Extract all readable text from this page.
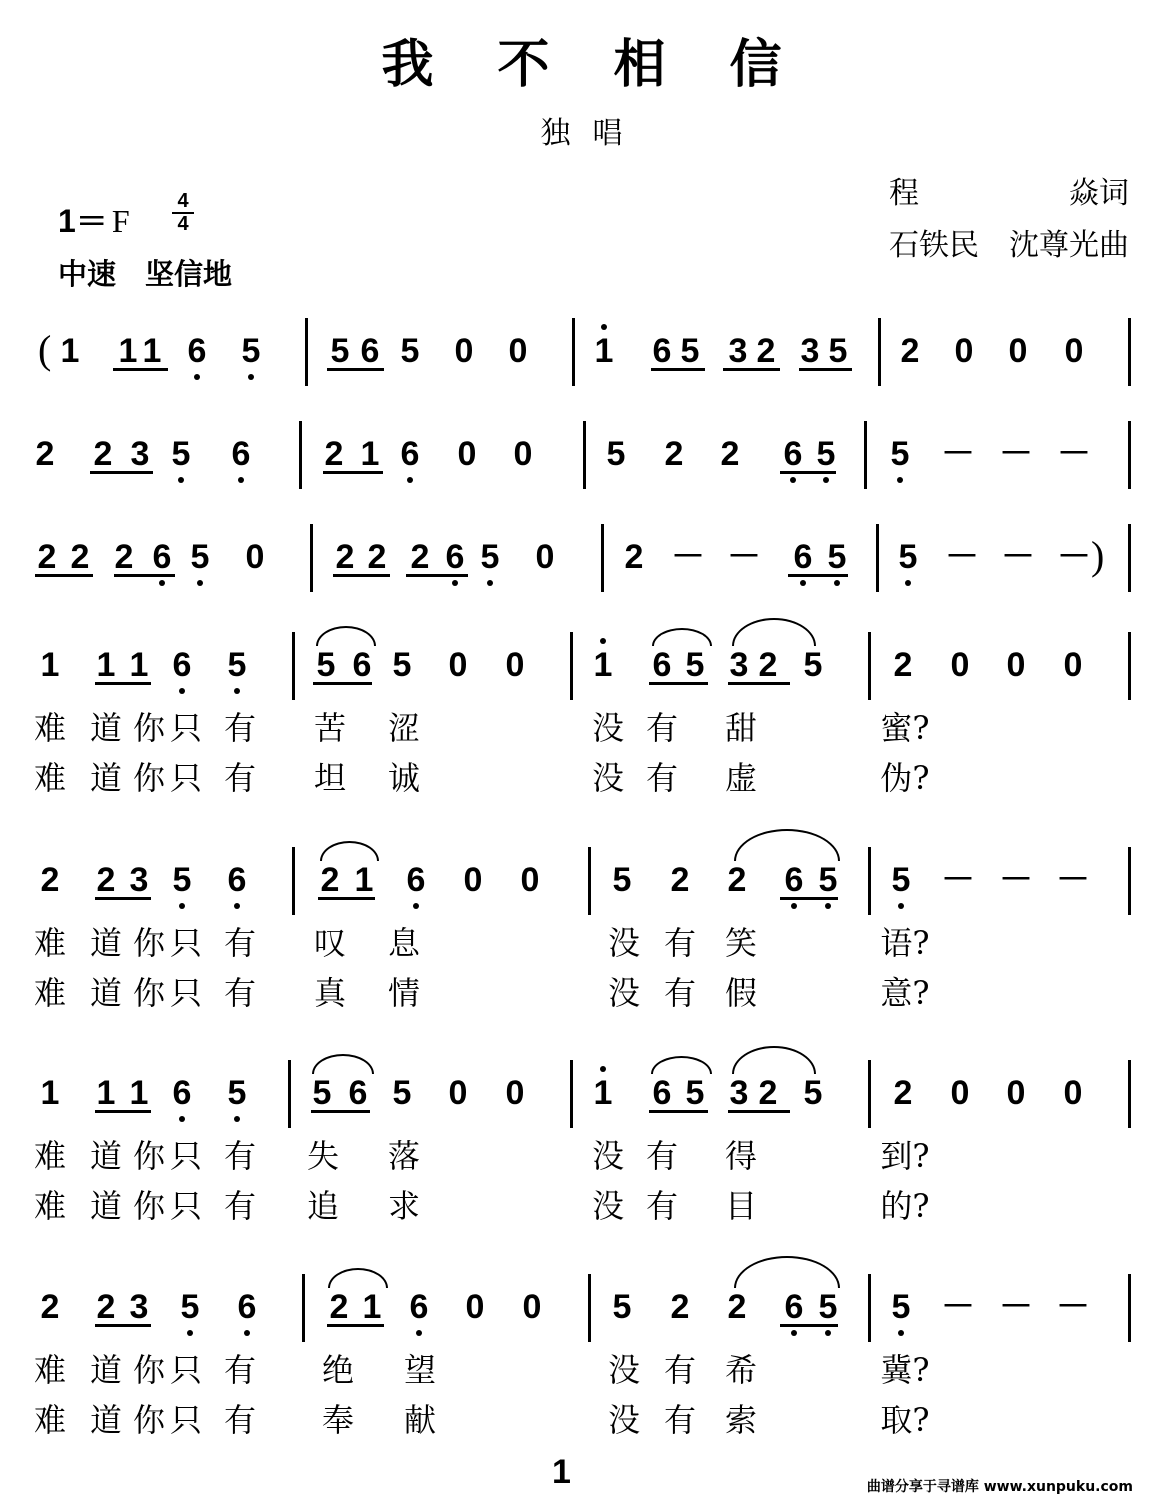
我不相信
独唱
1＝ F
4
4
中速　坚信地
程　　　　　焱词
石铁民　沈尊光曲
( 1 1 1 6 5 5 6 5 0 0 1 6 5 3 2 3 5 2 0 0 0
2 2 3 5 6 2 1 6 0 0 5 2 2 6 5 5 － － －
2 2 2 6 5 0 2 2 2 6 5 0 2 － － 6 5 5 － － － )
1 1 1 6 5 5 6 5 0 0 1 6 5 3 2 5 2 0 0 0
难 道 你 只 有 苦 涩	没 有 甜	蜜?
难 道 你 只 有 坦 诚	没 有 虚	伪?
2 2 3 5 6 2 1 6 0 0 5 2 2 6 5 5 － － －
难 道 你 只 有 叹 息	没 有 笑	语?
难 道 你 只 有 真 情	没 有 假	意?
1 1 1 6 5 5 6 5 0 0 1 6 5 3 2 5 2 0 0 0
难 道 你 只 有 失 落	没 有 得	到?
难 道 你 只 有 追 求	没 有 目	的?
2 2 3 5 6 2 1 6 0 0 5 2 2 6 5 5 － － －
难 道 你 只 有 绝 望	没 有 希	冀?
难 道 你 只 有 奉 献	没 有 索	取?
1	曲谱分享于寻谱库 www.xunpuku.com
